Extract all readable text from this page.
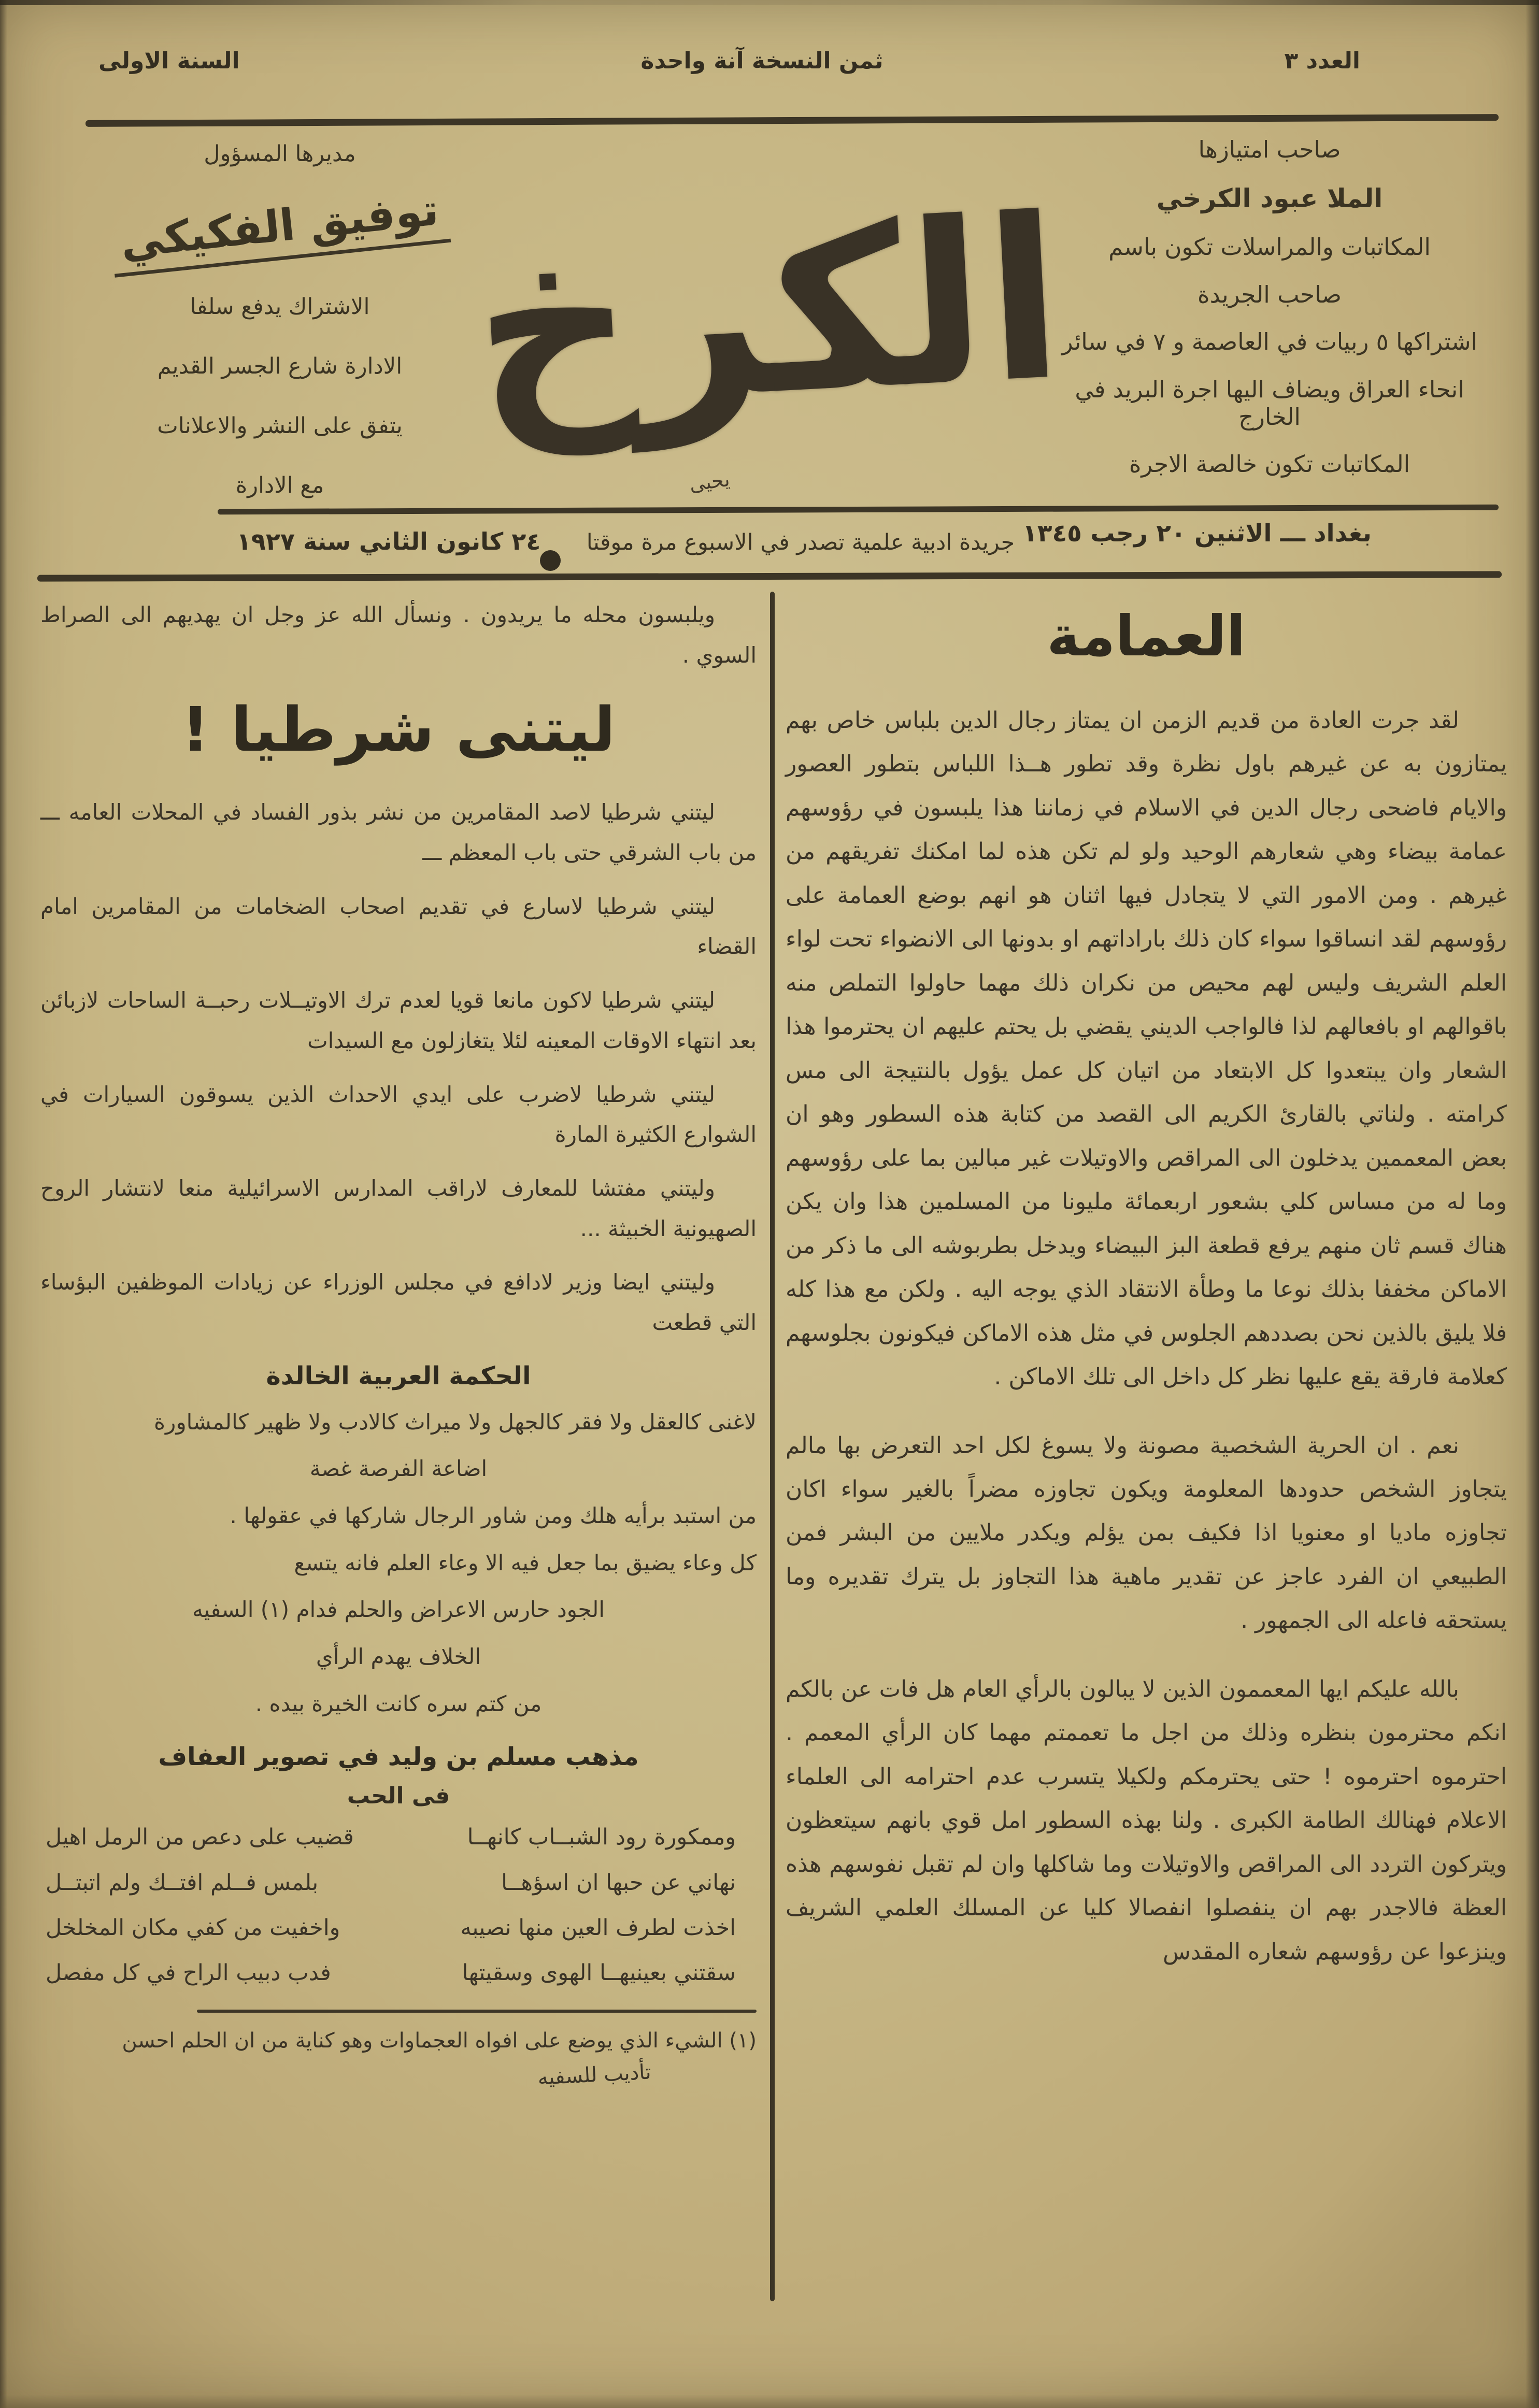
العدد ٣
ثمن النسخة آنة واحدة
السنة الاولى
صاحب امتيازها
الملا عبود الكرخي
المكاتبات والمراسلات تكون باسم
صاحب الجريدة
اشتراكها ٥ ربيات في العاصمة و ٧ في سائر
انحاء العراق ويضاف اليها اجرة البريد في الخارج
المكاتبات تكون خالصة الاجرة
الكرخ
يحيى
مديرها المسؤول
توفيق الفكيكي
الاشتراك يدفع سلفا
الادارة شارع الجسر القديم
يتفق على النشر والاعلانات
مع الادارة
بغداد ـــ الاثنين ٢٠ رجب ١٣٤٥
جريدة ادبية علمية تصدر في الاسبوع مرة موقتا
٢٤ كانون الثاني سنة ١٩٢٧
العمامة

لقد جرت العادة من قديم الزمن ان يمتاز رجال الدين بلباس خاص بهم يمتازون به عن غيرهم باول نظرة وقد تطور هــذا اللباس بتطور العصور والايام فاضحى رجال الدين في الاسلام في زماننا هذا يلبسون في رؤوسهم عمامة بيضاء وهي شعارهم الوحيد ولو لم تكن هذه لما امكنك تفريقهم من غيرهم . ومن الامور التي لا يتجادل فيها اثنان هو انهم بوضع العمامة على رؤوسهم لقد انساقوا سواء كان ذلك باراداتهم او بدونها الى الانضواء تحت لواء العلم الشريف وليس لهم محيص من نكران ذلك مهما حاولوا التملص منه باقوالهم او بافعالهم لذا فالواجب الديني يقضي بل يحتم عليهم ان يحترموا هذا الشعار وان يبتعدوا كل الابتعاد من اتيان كل عمل يؤول بالنتيجة الى مس كرامته . ولناتي بالقارئ الكريم الى القصد من كتابة هذه السطور وهو ان بعض المعممين يدخلون الى المراقص والاوتيلات غير مبالين بما على رؤوسهم وما له من مساس كلي بشعور اربعمائة مليونا من المسلمين هذا وان يكن هناك قسم ثان منهم يرفع قطعة البز البيضاء ويدخل بطربوشه الى ما ذكر من الاماكن مخففا بذلك نوعا ما وطأة الانتقاد الذي يوجه اليه . ولكن مع هذا كله فلا يليق بالذين نحن بصددهم الجلوس في مثل هذه الاماكن فيكونون بجلوسهم كعلامة فارقة يقع عليها نظر كل داخل الى تلك الاماكن .

نعم . ان الحرية الشخصية مصونة ولا يسوغ لكل احد التعرض بها مالم يتجاوز الشخص حدودها المعلومة ويكون تجاوزه مضراً بالغير سواء اكان تجاوزه ماديا او معنويا اذا فكيف بمن يؤلم ويكدر ملايين من البشر فمن الطبيعي ان الفرد عاجز عن تقدير ماهية هذا التجاوز بل يترك تقديره وما يستحقه فاعله الى الجمهور .

بالله عليكم ايها المعممون الذين لا يبالون بالرأي العام هل فات عن بالكم انكم محترمون بنظره وذلك من اجل ما تعممتم مهما كان الرأي المعمم . احترموه احترموه ! حتى يحترمكم ولكيلا يتسرب عدم احترامه الى العلماء الاعلام فهنالك الطامة الكبرى . ولنا بهذه السطور امل قوي بانهم سيتعظون ويتركون التردد الى المراقص والاوتيلات وما شاكلها وان لم تقبل نفوسهم هذه العظة فالاجدر بهم ان ينفصلوا انفصالا كليا عن المسلك العلمي الشريف وينزعوا عن رؤوسهم شعاره المقدس

ويلبسون محله ما يريدون . ونسأل الله عز وجل ان يهديهم الى الصراط السوي .

ليتنى شرطيا !

ليتني شرطيا لاصد المقامرين من نشر بذور الفساد في المحلات العامه ـــ من باب الشرقي حتى باب المعظم ـــ

ليتني شرطيا لاسارع في تقديم اصحاب الضخامات من المقامرين امام القضاء

ليتني شرطيا لاكون مانعا قويا لعدم ترك الاوتيــلات رحبــة الساحات لازبائن بعد انتهاء الاوقات المعينه لئلا يتغازلون مع السيدات

ليتني شرطيا لاضرب على ايدي الاحداث الذين يسوقون السيارات في الشوارع الكثيرة المارة

وليتني مفتشا للمعارف لاراقب المدارس الاسرائيلية منعا لانتشار الروح الصهيونية الخبيثة ...

وليتني ايضا وزير لادافع في مجلس الوزراء عن زيادات الموظفين البؤساء التي قطعت

الحكمة العربية الخالدة

لاغنى كالعقل ولا فقر كالجهل ولا ميراث كالادب ولا ظهير كالمشاورة

اضاعة الفرصة غصة

من استبد برأيه هلك ومن شاور الرجال شاركها في عقولها .

كل وعاء يضيق بما جعل فيه الا وعاء العلم فانه يتسع

الجود حارس الاعراض والحلم فدام (١) السفيه

الخلاف يهدم الرأي

من كتم سره كانت الخيرة بيده .

مذهب مسلم بن وليد في تصوير العفاف
فى الحب
وممكورة رود الشبــاب كانهــا
قضيب على دعص من الرمل اهيل
نهاني عن حبها ان اسؤهــا
بلمس فــلم افتــك ولم اتبتــل
اخذت لطرف العين منها نصيبه
واخفيت من كفي مكان المخلخل
سقتني بعينيهــا الهوى وسقيتها
فدب دبيب الراح في كل مفصل

(١) الشيء الذي يوضع على افواه العجماوات وهو كناية من ان الحلم احسن
تأديب للسفيه
